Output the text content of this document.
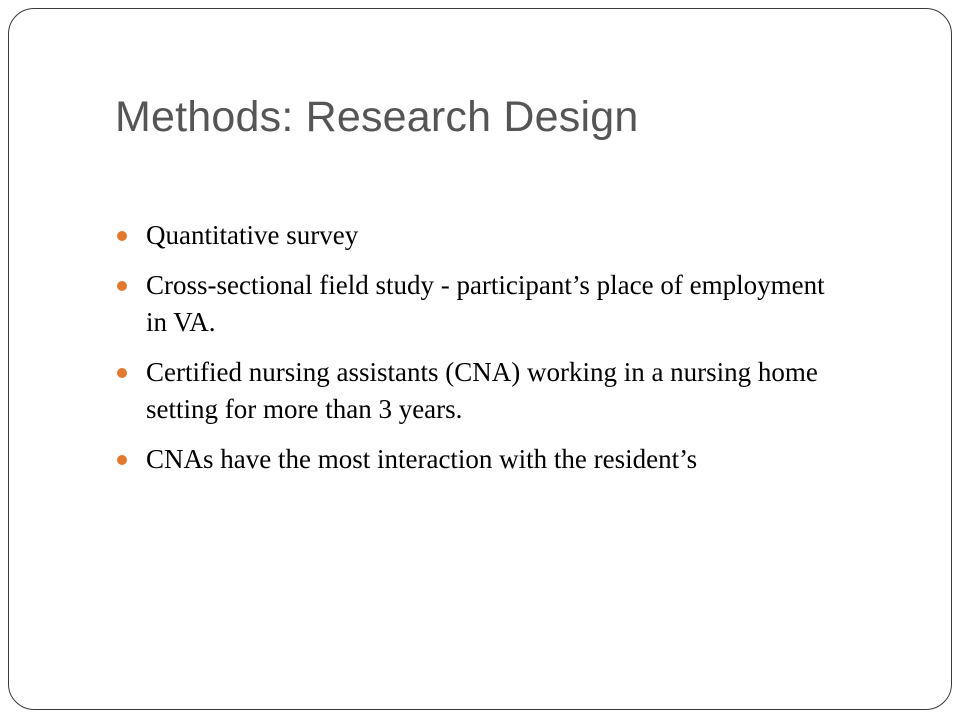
Methods: Research Design
Quantitative survey
Cross-sectional field study - participant’s place of employment in VA.
Certified nursing assistants (CNA) working in a nursing home setting for more than 3 years.
CNAs have the most interaction with the resident’s
